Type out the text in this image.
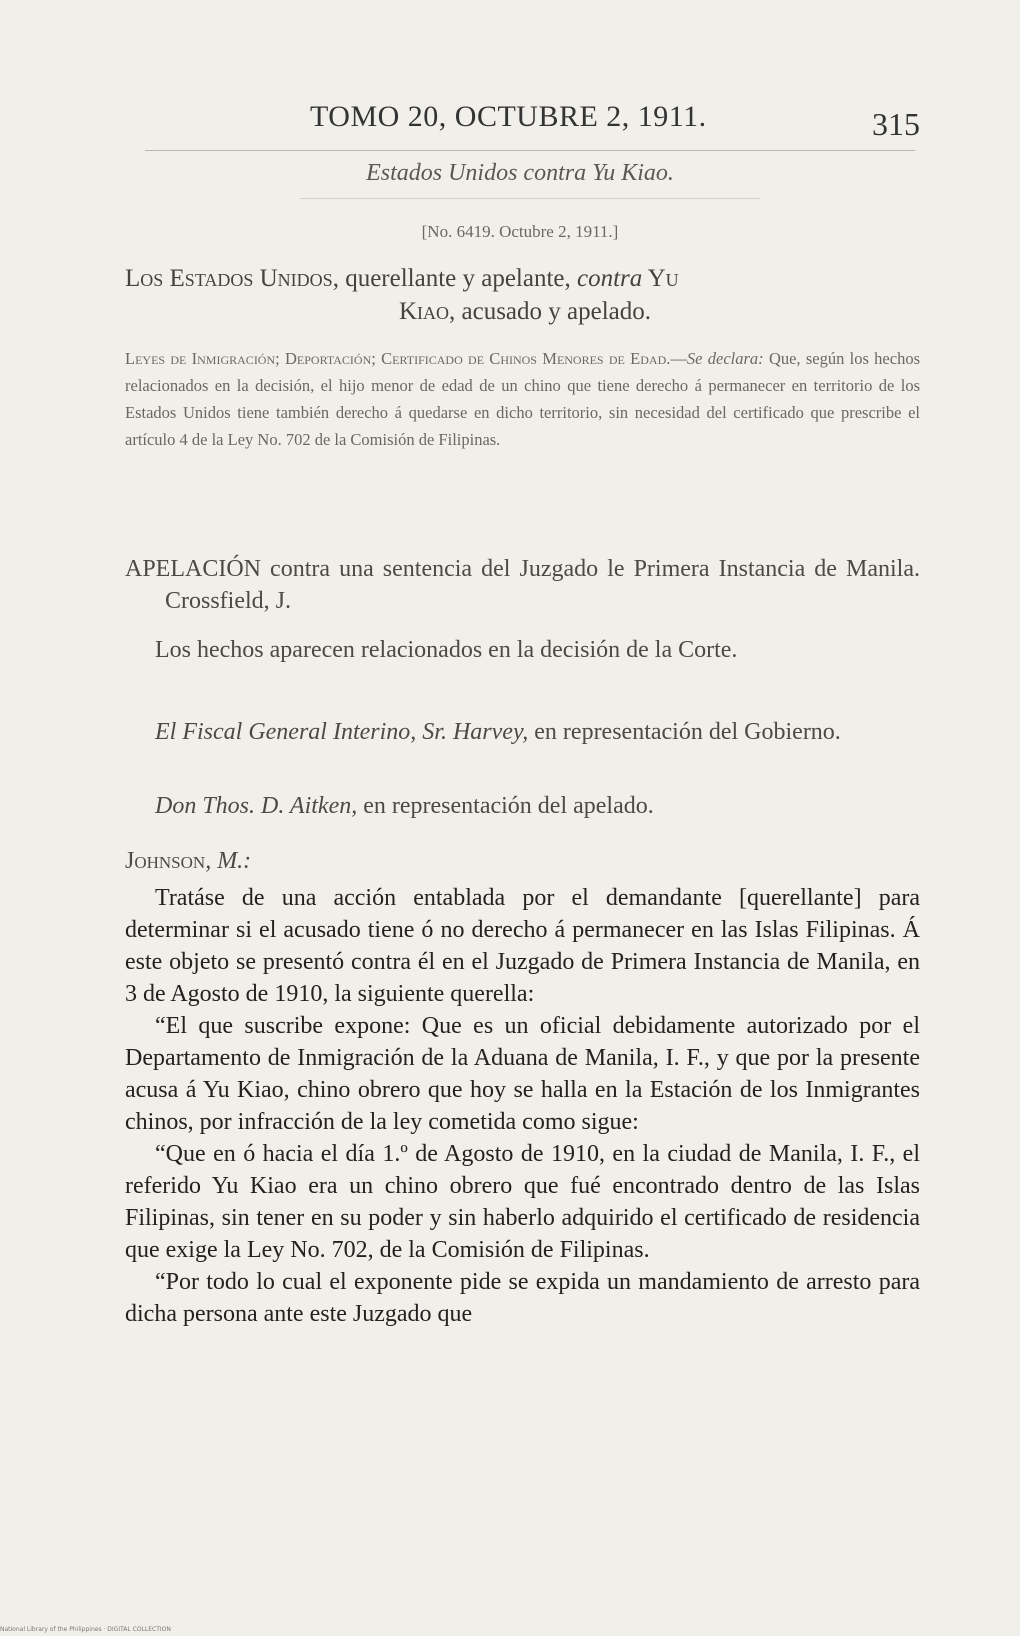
TOMO 20, OCTUBRE 2, 1911.	315
Estados Unidos contra Yu Kiao.
[No. 6419. Octubre 2, 1911.]
Los Estados Unidos, querellante y apelante, contra Yu
Kiao, acusado y apelado.
Leyes de Inmigración; Deportación; Certificado de Chinos Menores de Edad.—Se declara: Que, según los hechos relacionados en la decisión, el hijo menor de edad de un chino que tiene derecho á permanecer en territorio de los Estados Unidos tiene también derecho á quedarse en dicho territorio, sin necesidad del certificado que prescribe el artículo 4 de la Ley No. 702 de la Comisión de Filipinas.

APELACIÓN contra una sentencia del Juzgado le Primera Instancia de Manila. Crossfield, J.

Los hechos aparecen relacionados en la decisión de la Corte.

El Fiscal General Interino, Sr. Harvey, en representación del Gobierno.

Don Thos. D. Aitken, en representación del apelado.

Johnson, M.:

Tratáse de una acción entablada por el demandante [querellante] para determinar si el acusado tiene ó no derecho á permanecer en las Islas Filipinas. Á este objeto se presentó contra él en el Juzgado de Primera Instancia de Manila, en 3 de Agosto de 1910, la siguiente querella:

“El que suscribe expone: Que es un oficial debidamente autorizado por el Departamento de Inmigración de la Aduana de Manila, I. F., y que por la presente acusa á Yu Kiao, chino obrero que hoy se halla en la Estación de los Inmigrantes chinos, por infracción de la ley cometida como sigue:

“Que en ó hacia el día 1.º de Agosto de 1910, en la ciudad de Manila, I. F., el referido Yu Kiao era un chino obrero que fué encontrado dentro de las Islas Filipinas, sin tener en su poder y sin haberlo adquirido el certificado de residencia que exige la Ley No. 702, de la Comisión de Filipinas.

“Por todo lo cual el exponente pide se expida un mandamiento de arresto para dicha persona ante este Juzgado que

National Library of the Philippines · DIGITAL COLLECTION
